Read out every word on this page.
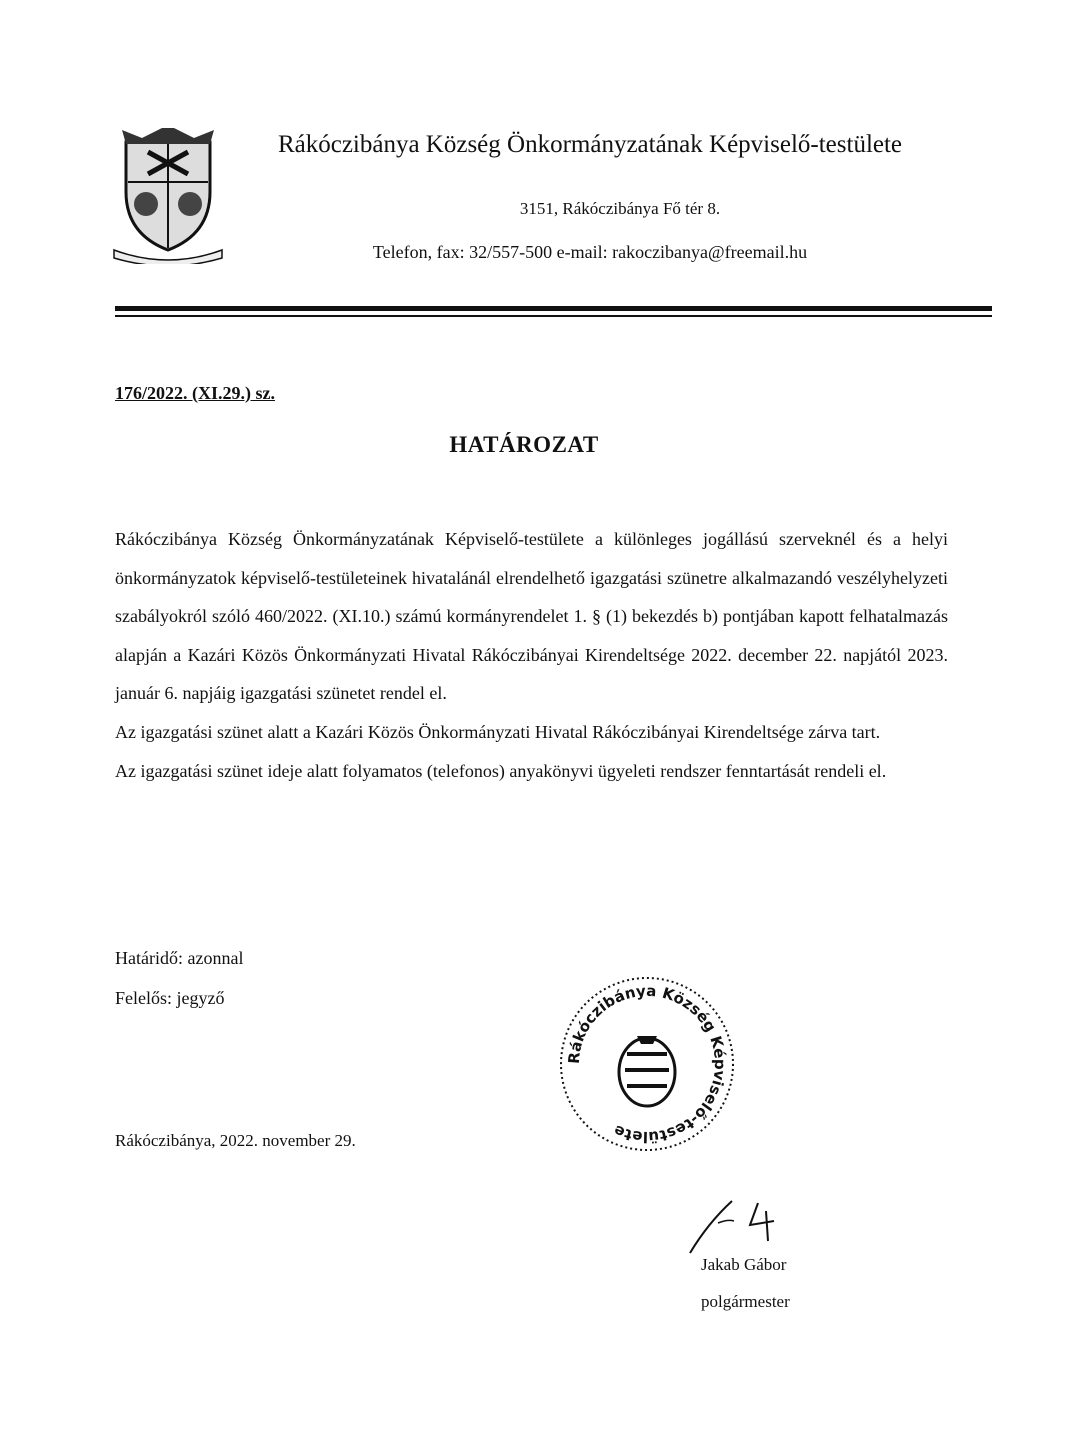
Rákóczibánya Község Önkormányzatának Képviselő-testülete
3151, Rákóczibánya Fő tér 8.
Telefon, fax: 32/557-500 e-mail: rakoczibanya@freemail.hu
176/2022. (XI.29.) sz.
HATÁROZAT

Rákóczibánya Község Önkormányzatának Képviselő-testülete a különleges jogállású szerveknél és a helyi önkormányzatok képviselő-testületeinek hivatalánál elrendelhető igazgatási szünetre alkalmazandó veszélyhelyzeti szabályokról szóló 460/2022. (XI.10.) számú kormányrendelet 1. § (1) bekezdés b) pontjában kapott felhatalmazás alapján a Kazári Közös Önkormányzati Hivatal Rákóczibányai Kirendeltsége 2022. december 22. napjától 2023. január 6. napjáig igazgatási szünetet rendel el.

Az igazgatási szünet alatt a Kazári Közös Önkormányzati Hivatal Rákóczibányai Kirendeltsége zárva tart.

Az igazgatási szünet ideje alatt folyamatos (telefonos) anyakönyvi ügyeleti rendszer fenntartását rendeli el.

Határidő: azonnal
Felelős: jegyző
Rákóczibánya, 2022. november 29.
Rákóczibánya Község Képviselő-testülete
Jakab Gábor
polgármester
